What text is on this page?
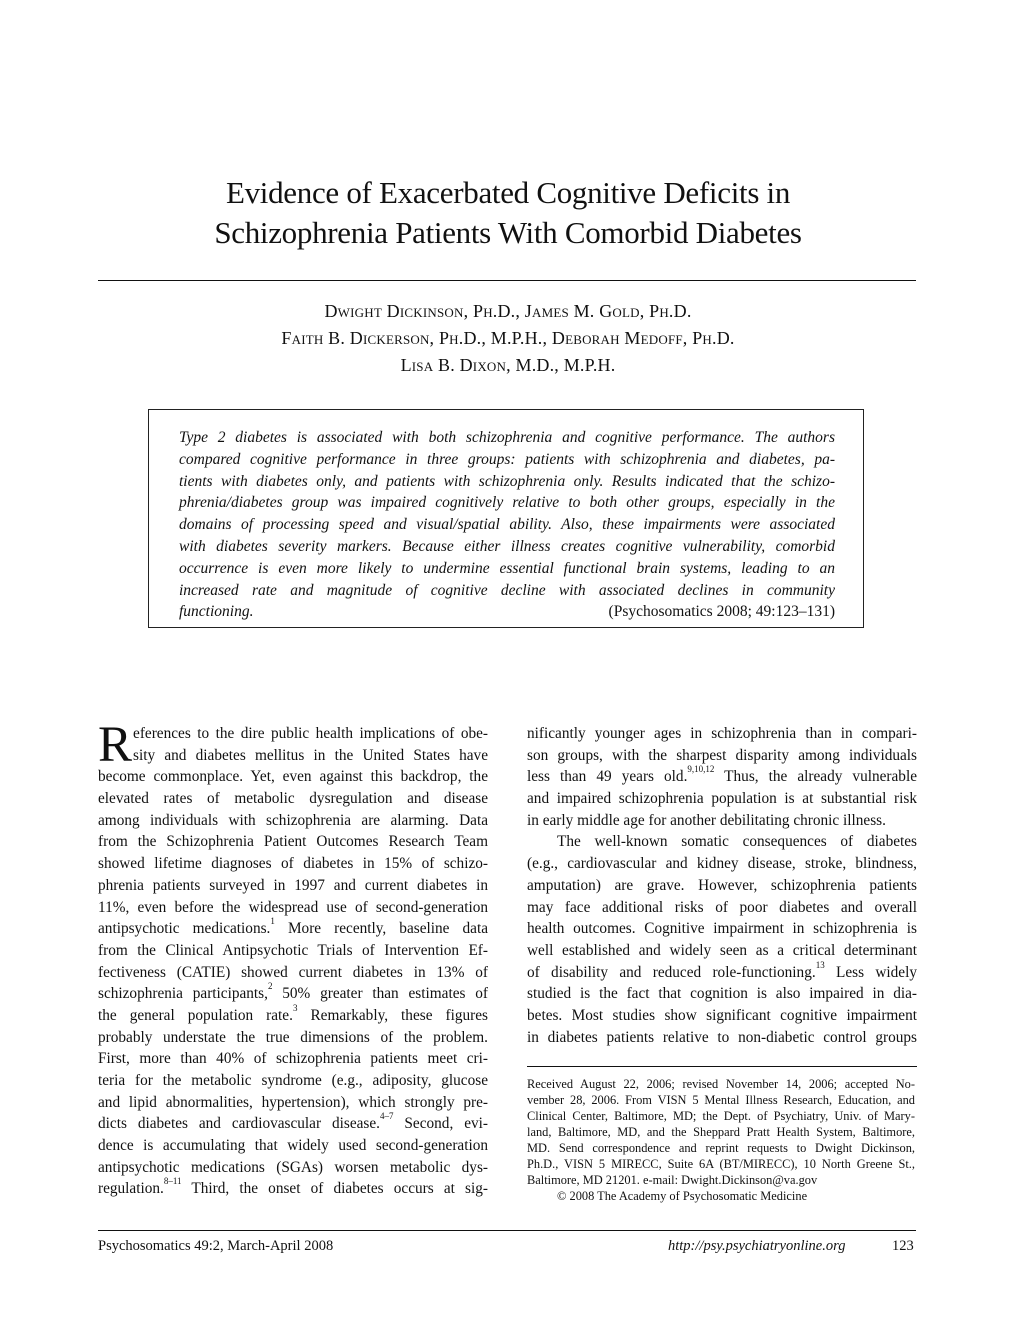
Evidence of Exacerbated Cognitive Deficits in
Schizophrenia Patients With Comorbid Diabetes
Dwight Dickinson, Ph.D., James M. Gold, Ph.D.
Faith B. Dickerson, Ph.D., M.P.H., Deborah Medoff, Ph.D.
Lisa B. Dixon, M.D., M.P.H.
Type 2 diabetes is associated with both schizophrenia and cognitive performance. The authors
compared cognitive performance in three groups: patients with schizophrenia and diabetes, pa-
tients with diabetes only, and patients with schizophrenia only. Results indicated that the schizo-
phrenia/diabetes group was impaired cognitively relative to both other groups, especially in the
domains of processing speed and visual/spatial ability. Also, these impairments were associated
with diabetes severity markers. Because either illness creates cognitive vulnerability, comorbid
occurrence is even more likely to undermine essential functional brain systems, leading to an
increased rate and magnitude of cognitive decline with associated declines in community
functioning.	(Psychosomatics 2008; 49:123–131)
R eferences to the dire public health implications of obe-
sity and diabetes mellitus in the United States have
become commonplace. Yet, even against this backdrop, the
elevated rates of metabolic dysregulation and disease
among individuals with schizophrenia are alarming. Data
from the Schizophrenia Patient Outcomes Research Team
showed lifetime diagnoses of diabetes in 15% of schizo-
phrenia patients surveyed in 1997 and current diabetes in
11%, even before the widespread use of second-generation
antipsychotic medications.$^1$ More recently, baseline data
from the Clinical Antipsychotic Trials of Intervention Ef-
fectiveness (CATIE) showed current diabetes in 13% of
schizophrenia participants,$^2$ 50% greater than estimates of
the general population rate.$^3$ Remarkably, these figures
probably understate the true dimensions of the problem.
First, more than 40% of schizophrenia patients meet cri-
teria for the metabolic syndrome (e.g., adiposity, glucose
and lipid abnormalities, hypertension), which strongly pre-
dicts diabetes and cardiovascular disease.$^{4-7}$ Second, evi-
dence is accumulating that widely used second-generation
antipsychotic medications (SGAs) worsen metabolic dys-
regulation.$^{8-11}$ Third, the onset of diabetes occurs at sig-
nificantly younger ages in schizophrenia than in compari-
son groups, with the sharpest disparity among individuals
less than 49 years old.$^{9,10,12}$ Thus, the already vulnerable
and impaired schizophrenia population is at substantial risk
in early middle age for another debilitating chronic illness.
The well-known somatic consequences of diabetes
(e.g., cardiovascular and kidney disease, stroke, blindness,
amputation) are grave. However, schizophrenia patients
may face additional risks of poor diabetes and overall
health outcomes. Cognitive impairment in schizophrenia is
well established and widely seen as a critical determinant
of disability and reduced role-functioning.$^{13}$ Less widely
studied is the fact that cognition is also impaired in dia-
betes. Most studies show significant cognitive impairment
in diabetes patients relative to non-diabetic control groups
Received August 22, 2006; revised November 14, 2006; accepted No-
vember 28, 2006. From VISN 5 Mental Illness Research, Education, and
Clinical Center, Baltimore, MD; the Dept. of Psychiatry, Univ. of Mary-
land, Baltimore, MD, and the Sheppard Pratt Health System, Baltimore,
MD. Send correspondence and reprint requests to Dwight Dickinson,
Ph.D., VISN 5 MIRECC, Suite 6A (BT/MIRECC), 10 North Greene St.,
Baltimore, MD 21201. e-mail: Dwight.Dickinson@va.gov
© 2008 The Academy of Psychosomatic Medicine
Psychosomatics 49:2, March-April 2008	http://psy.psychiatryonline.org	123
